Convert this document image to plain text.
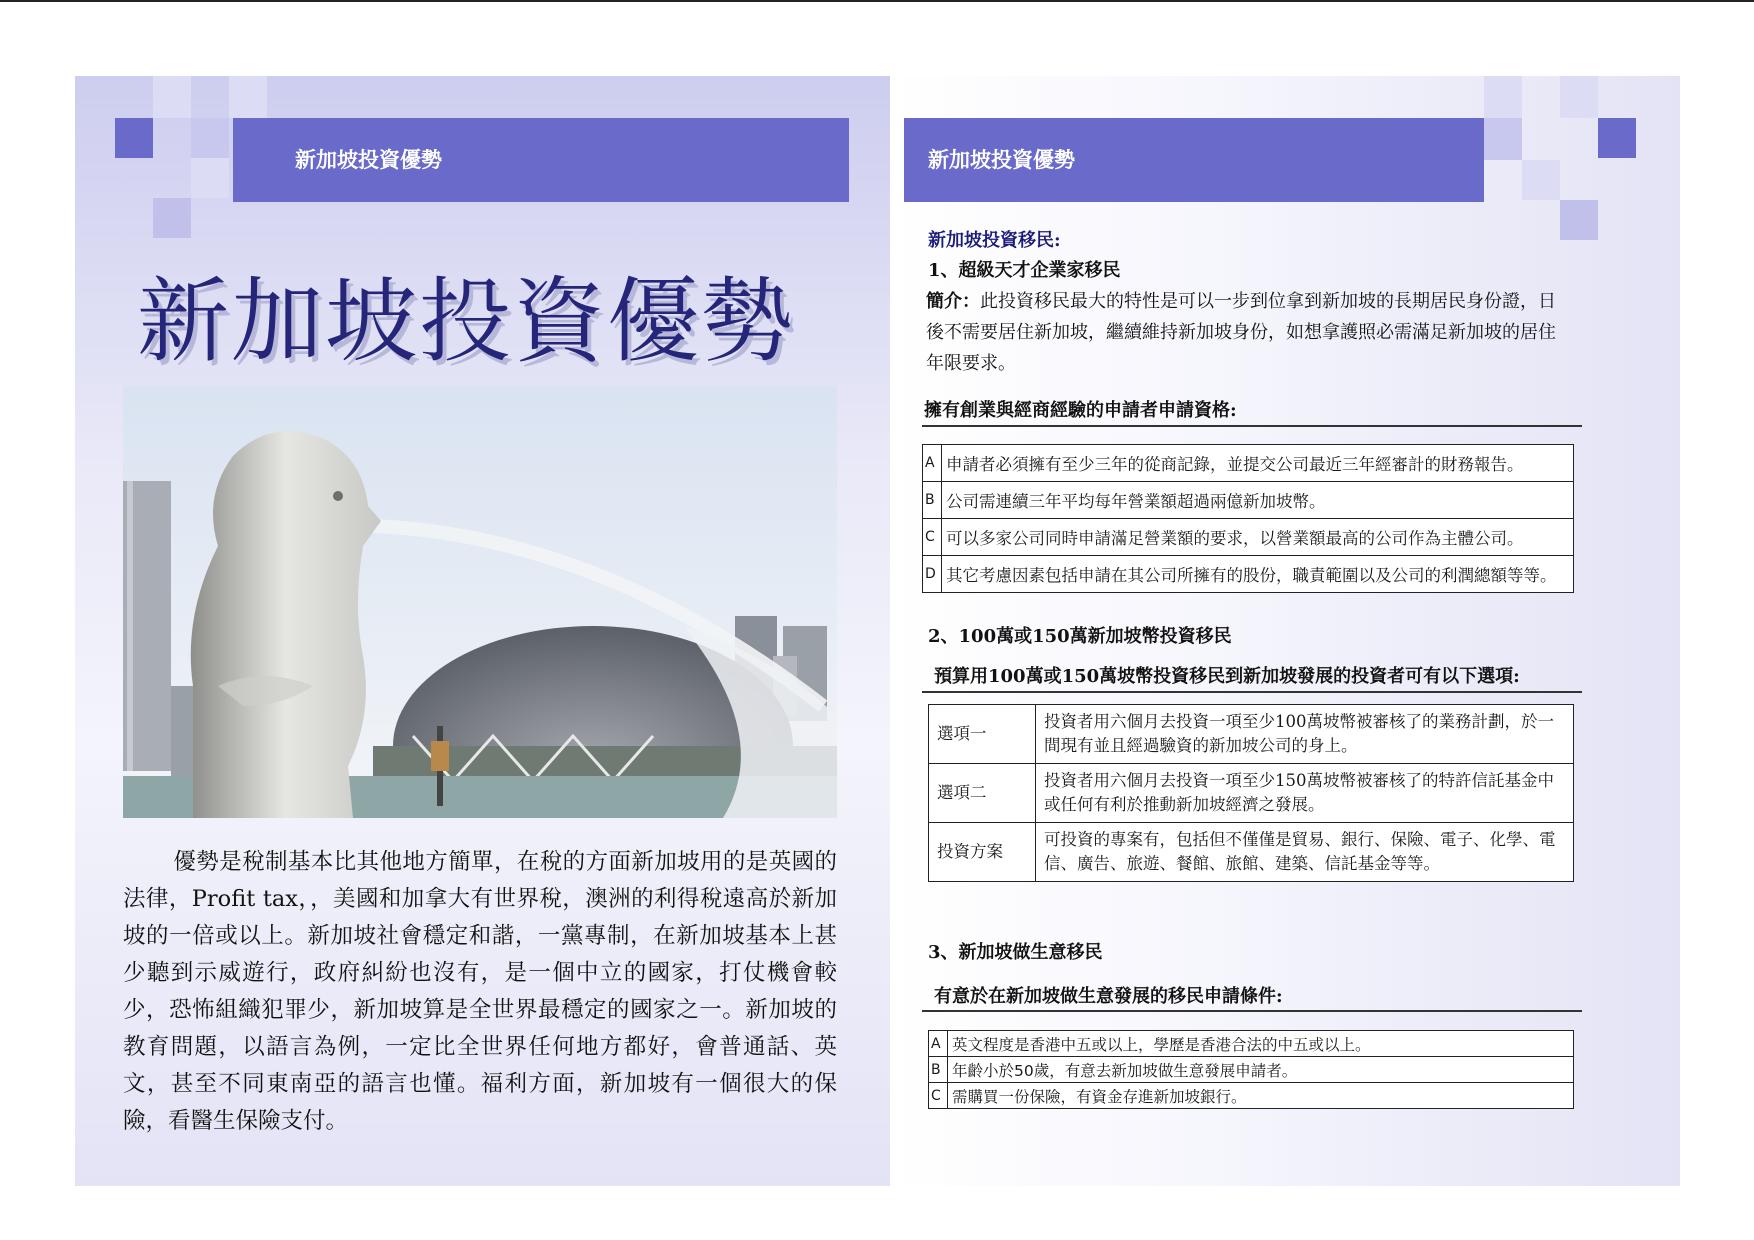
新加坡投資優勢
新加坡投資優勢
優勢是稅制基本比其他地方簡單，在稅的方面新加坡用的是英國的法律，Profit tax，，美國和加拿大有世界稅，澳洲的利得稅遠高於新加坡的一倍或以上。新加坡社會穩定和諧，一黨專制，在新加坡基本上甚少聽到示威遊行，政府糾紛也沒有，是一個中立的國家，打仗機會較少，恐怖組織犯罪少，新加坡算是全世界最穩定的國家之一。新加坡的教育問題，以語言為例，一定比全世界任何地方都好，會普通話、英文，甚至不同東南亞的語言也懂。福利方面，新加坡有一個很大的保險，看醫生保險支付。
新加坡投資優勢
新加坡投資移民:
1、超級天才企業家移民
簡介：此投資移民最大的特性是可以一步到位拿到新加坡的長期居民身份證，日後不需要居住新加坡，繼續維持新加坡身份，如想拿護照必需滿足新加坡的居住年限要求。
擁有創業與經商經驗的申請者申請資格:
A	申請者必須擁有至少三年的從商記錄，並提交公司最近三年經審計的財務報告。
B	公司需連續三年平均每年營業額超過兩億新加坡幣。
C	可以多家公司同時申請滿足營業額的要求，以營業額最高的公司作為主體公司。
D	其它考慮因素包括申請在其公司所擁有的股份，職責範圍以及公司的利潤總額等等。
2、100萬或150萬新加坡幣投資移民
預算用100萬或150萬坡幣投資移民到新加坡發展的投資者可有以下選項:
選項一	投資者用六個月去投資一項至少100萬坡幣被審核了的業務計劃，於一間現有並且經過驗資的新加坡公司的身上。
選項二	投資者用六個月去投資一項至少150萬坡幣被審核了的特許信託基金中或任何有利於推動新加坡經濟之發展。
投資方案	可投資的專案有，包括但不僅僅是貿易、銀行、保險、電子、化學、電信、廣告、旅遊、餐館、旅館、建築、信託基金等等。
3、新加坡做生意移民
有意於在新加坡做生意發展的移民申請條件:
A	英文程度是香港中五或以上，學歷是香港合法的中五或以上。
B	年齡小於50歲，有意去新加坡做生意發展申請者。
C	需購買一份保險，有資金存進新加坡銀行。
